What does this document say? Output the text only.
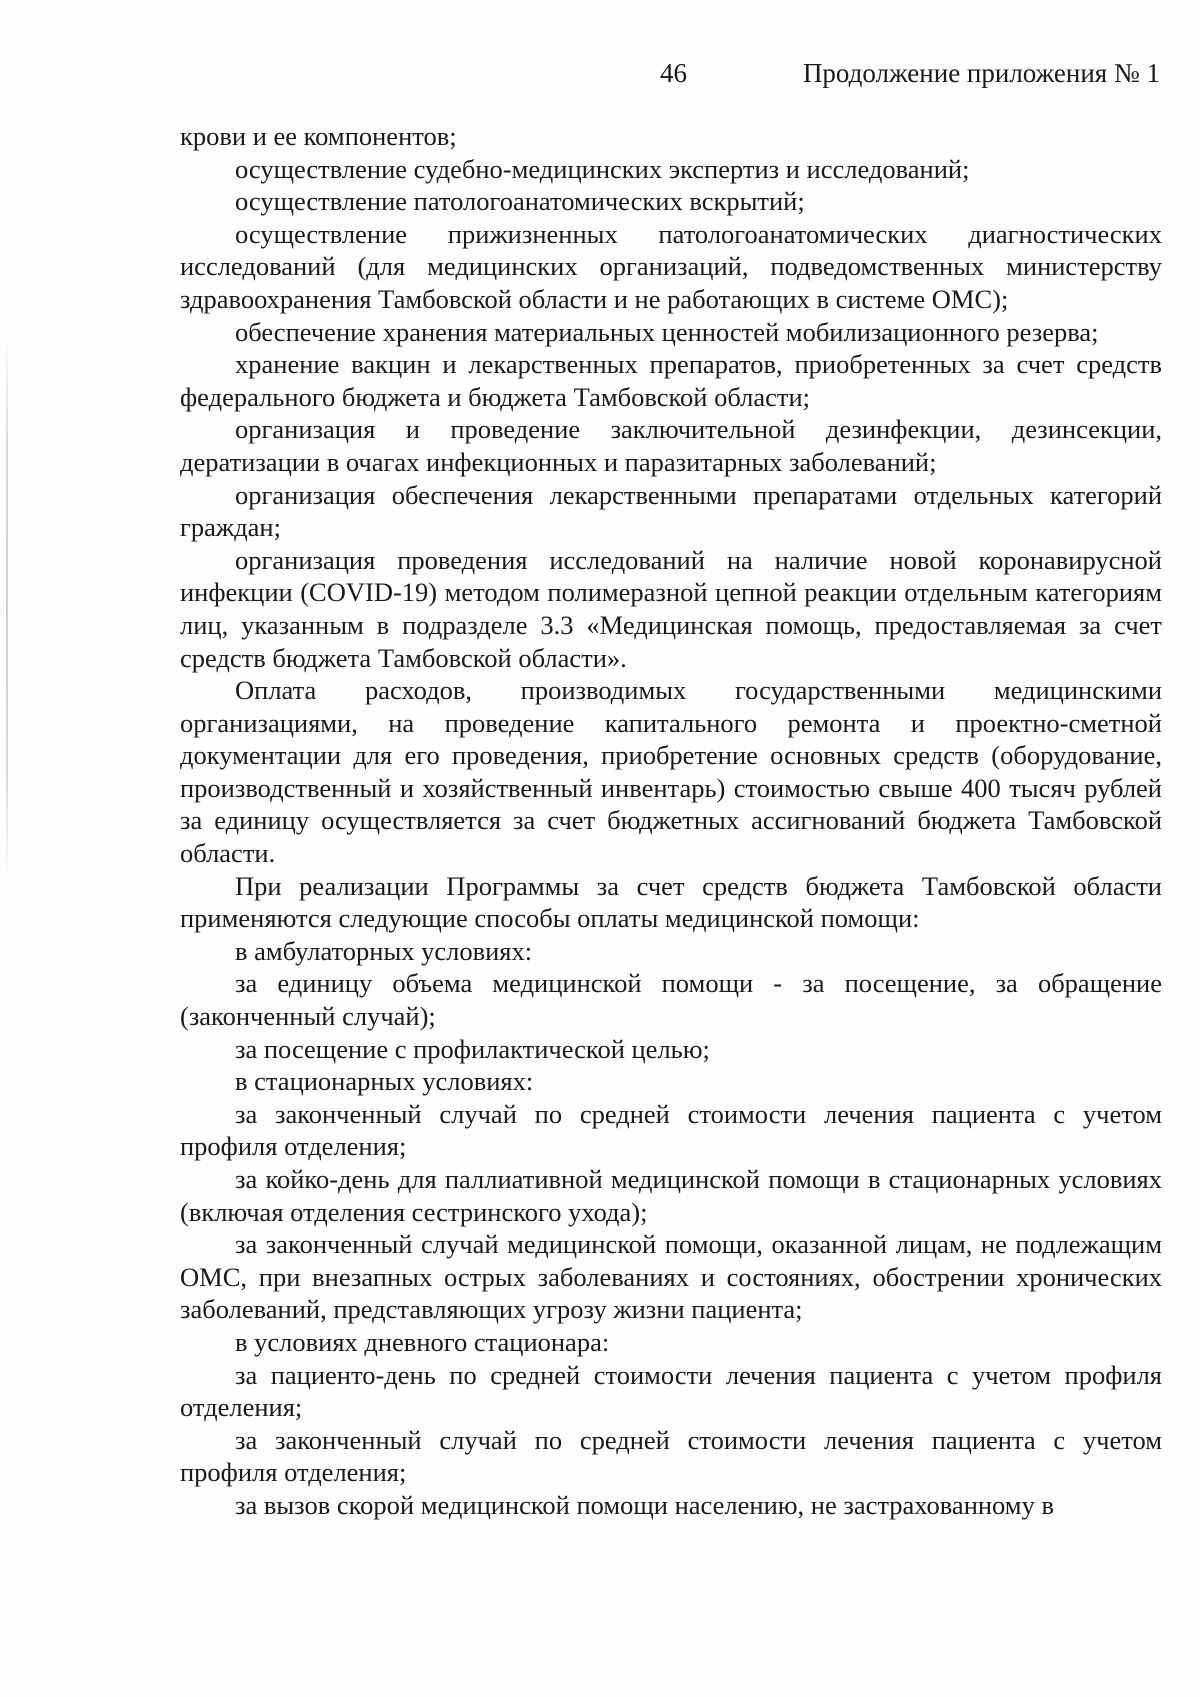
46	Продолжение приложения № 1

крови и ее компонентов;

осуществление судебно-медицинских экспертиз и исследований;

осуществление патологоанатомических вскрытий;

осуществление прижизненных патологоанатомических диагностических исследований (для медицинских организаций, подведомственных министерству здравоохранения Тамбовской области и не работающих в системе ОМС);

обеспечение хранения материальных ценностей мобилизационного резерва;

хранение вакцин и лекарственных препаратов, приобретенных за счет средств федерального бюджета и бюджета Тамбовской области;

организация и проведение заключительной дезинфекции, дезинсекции, дератизации в очагах инфекционных и паразитарных заболеваний;

организация обеспечения лекарственными препаратами отдельных категорий граждан;

организация проведения исследований на наличие новой коронавирусной инфекции (COVID-19) методом полимеразной цепной реакции отдельным категориям лиц, указанным в подразделе 3.3 «Медицинская помощь, предоставляемая за счет средств бюджета Тамбовской области».

Оплата расходов, производимых государственными медицинскими организациями, на проведение капитального ремонта и проектно-сметной документации для его проведения, приобретение основных средств (оборудование, производственный и хозяйственный инвентарь) стоимостью свыше 400 тысяч рублей за единицу осуществляется за счет бюджетных ассигнований бюджета Тамбовской области.

При реализации Программы за счет средств бюджета Тамбовской области применяются следующие способы оплаты медицинской помощи:

в амбулаторных условиях:

за единицу объема медицинской помощи - за посещение, за обращение (законченный случай);

за посещение с профилактической целью;

в стационарных условиях:

за законченный случай по средней стоимости лечения пациента с учетом профиля отделения;

за койко-день для паллиативной медицинской помощи в стационарных условиях (включая отделения сестринского ухода);

за законченный случай медицинской помощи, оказанной лицам, не подлежащим ОМС, при внезапных острых заболеваниях и состояниях, обострении хронических заболеваний, представляющих угрозу жизни пациента;

в условиях дневного стационара:

за пациенто-день по средней стоимости лечения пациента с учетом профиля отделения;

за законченный случай по средней стоимости лечения пациента с учетом профиля отделения;

за вызов скорой медицинской помощи населению, не застрахованному в
